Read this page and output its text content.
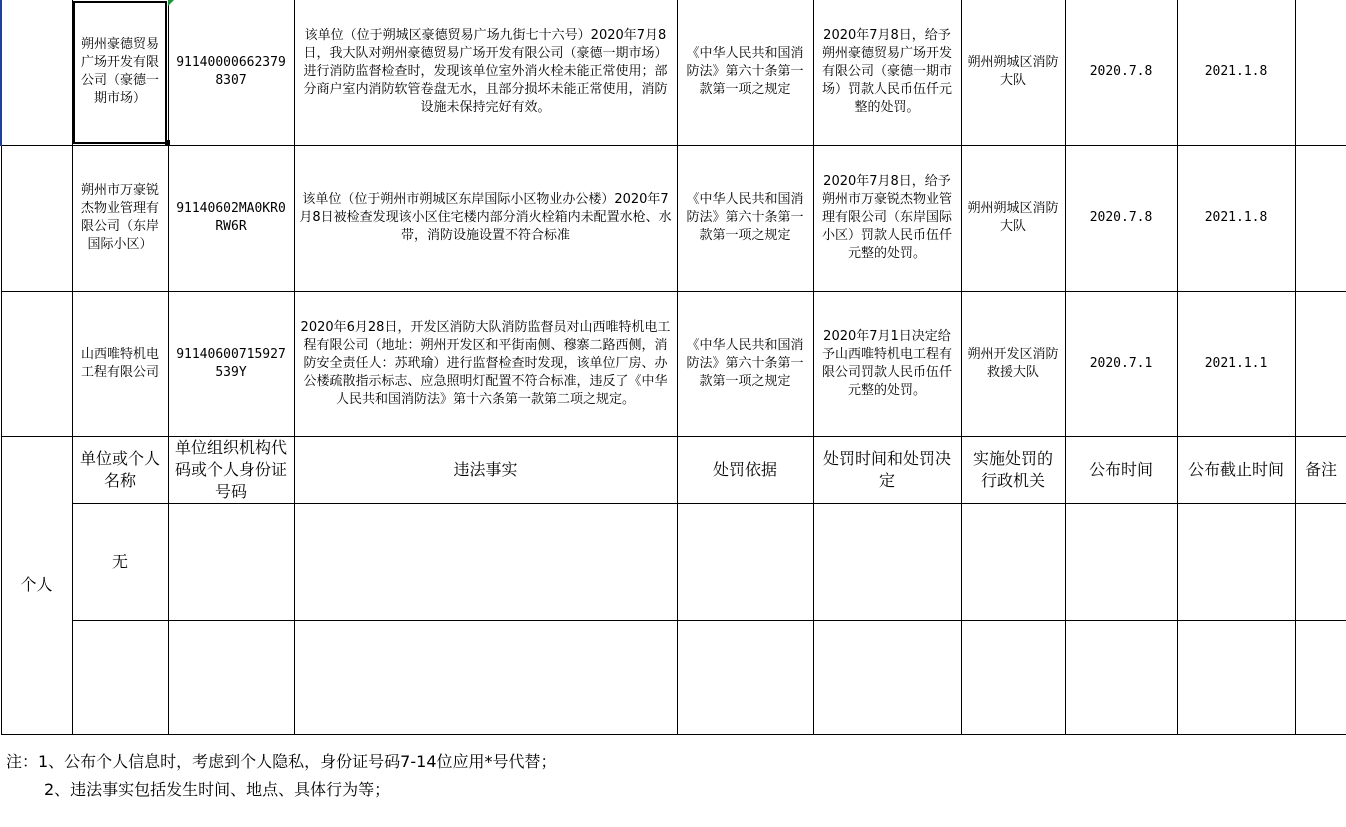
	朔州豪德贸易广场开发有限公司（豪德一期市场）	911400006623798307	该单位（位于朔城区豪德贸易广场九街七十六号）2020年7月8日，我大队对朔州豪德贸易广场开发有限公司（豪德一期市场）进行消防监督检查时，发现该单位室外消火栓未能正常使用；部分商户室内消防软管卷盘无水，且部分损坏未能正常使用，消防设施未保持完好有效。	《中华人民共和国消防法》第六十条第一款第一项之规定	2020年7月8日，给予朔州豪德贸易广场开发有限公司（豪德一期市场）罚款人民币伍仟元整的处罚。	朔州朔城区消防大队	2020.7.8	2021.1.8	
	朔州市万豪锐杰物业管理有限公司（东岸国际小区）	91140602MA0KR0RW6R	该单位（位于朔州市朔城区东岸国际小区物业办公楼）2020年7月8日被检查发现该小区住宅楼内部分消火栓箱内未配置水枪、水带，消防设施设置不符合标准	《中华人民共和国消防法》第六十条第一款第一项之规定	2020年7月8日，给予朔州市万豪锐杰物业管理有限公司（东岸国际小区）罚款人民币伍仟元整的处罚。	朔州朔城区消防大队	2020.7.8	2021.1.8	
	山西唯特机电工程有限公司	91140600715927539Y	2020年6月28日，开发区消防大队消防监督员对山西唯特机电工程有限公司（地址：朔州开发区和平街南侧、穆寨二路西侧，消防安全责任人：苏玳瑜）进行监督检查时发现，该单位厂房、办公楼疏散指示标志、应急照明灯配置不符合标准，违反了《中华人民共和国消防法》第十六条第一款第二项之规定。	《中华人民共和国消防法》第六十条第一款第一项之规定	2020年7月1日决定给予山西唯特机电工程有限公司罚款人民币伍仟元整的处罚。	朔州开发区消防救援大队	2020.7.1	2021.1.1	
个人	单位或个人名称	单位组织机构代码或个人身份证号码	违法事实	处罚依据	处罚时间和处罚决定	实施处罚的行政机关	公布时间	公布截止时间	备注
	无								

注：1、公布个人信息时，考虑到个人隐私，身份证号码7-14位应用*号代替；
2、违法事实包括发生时间、地点、具体行为等；
